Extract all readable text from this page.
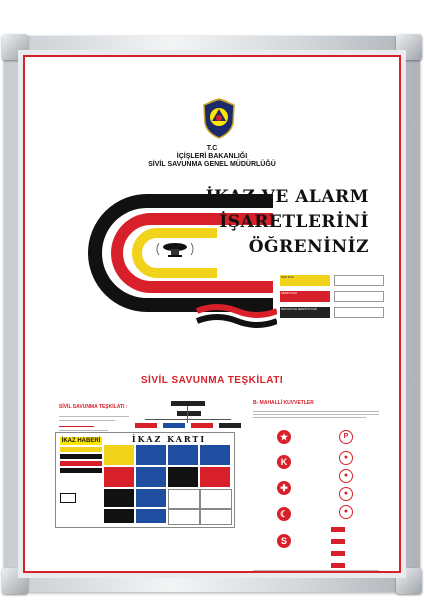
T.C
İÇİŞLERİ BAKANLIĞI
SİVİL SAVUNMA GENEL MÜDÜRLÜĞÜ
İKAZ VE ALARM
İŞARETLERİNİ
ÖĞRENİNİZ
SARI IKAZ
KIRMIZI IKAZ
RADYASYON SERPİNTİ İKAZI
SİVİL SAVUNMA TEŞKİLATI
SİVİL SAVUNMA TEŞKİLATI :
B- MAHALLİ KUVVETLER
★
K
✚
☾
S
P
●
●
●
●
İKAZ KARTI
İKAZ HABERİ
